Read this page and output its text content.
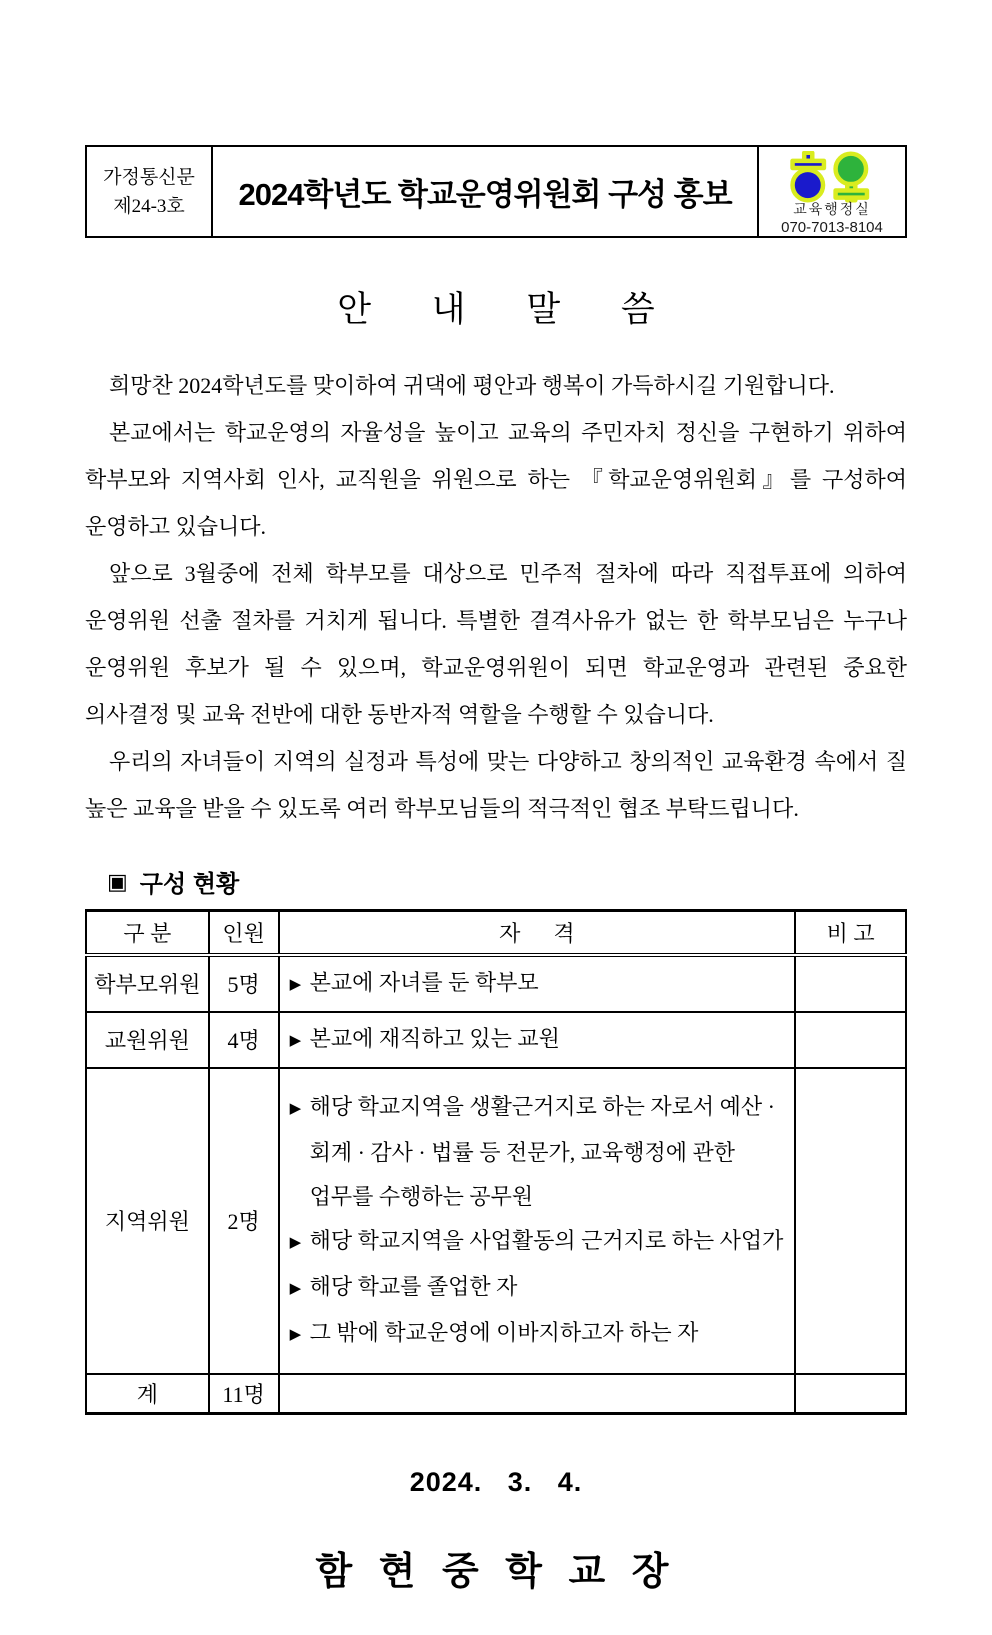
가정통신문
제24-3호 2024학년도 학교운영위원회 구성 홍보	교육행정실
070-7013-8104
안 내 말 씀

희망찬 2024학년도를 맞이하여 귀댁에 평안과 행복이 가득하시길 기원합니다.

본교에서는 학교운영의 자율성을 높이고 교육의 주민자치 정신을 구현하기 위하여 학부모와 지역사회 인사, 교직원을 위원으로 하는 『학교운영위원회』를 구성하여 운영하고 있습니다.

앞으로 3월중에 전체 학부모를 대상으로 민주적 절차에 따라 직접투표에 의하여 운영위원 선출 절차를 거치게 됩니다. 특별한 결격사유가 없는 한 학부모님은 누구나 운영위원 후보가 될 수 있으며, 학교운영위원이 되면 학교운영과 관련된 중요한 의사결정 및 교육 전반에 대한 동반자적 역할을 수행할 수 있습니다.

우리의 자녀들이 지역의 실정과 특성에 맞는 다양하고 창의적인 교육환경 속에서 질 높은 교육을 받을 수 있도록 여러 학부모님들의 적극적인 협조 부탁드립니다.

▣ 구성 현황
구 분	인원	자      격	비 고
학부모위원	5명	▶ 본교에 자녀를 둔 학부모	

교원위원	4명	▶ 본교에 재직하고 있는 교원	

지역위원	2명	▶ 해당 학교지역을 생활근거지로 하는 자로서 예산 · 회계 · 감사 · 법률 등 전문가, 교육행정에 관한 업무를 수행하는 공무원
▶ 해당 학교지역을 사업활동의 근거지로 하는 사업가
▶ 해당 학교를 졸업한 자
▶ 그 밖에 학교운영에 이바지하고자 하는 자	

계	11명		
2024.   3.   4.
함 현 중 학 교 장
